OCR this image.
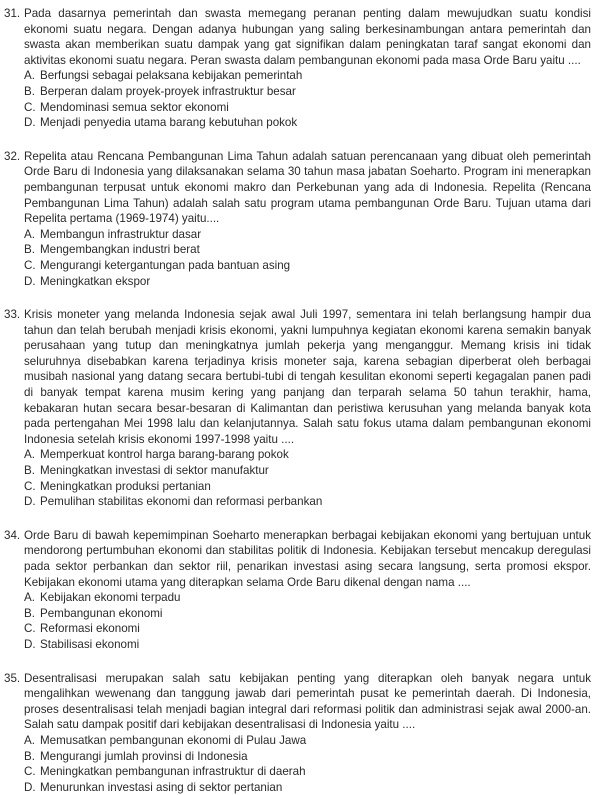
31. Pada dasarnya pemerintah dan swasta memegang peranan penting dalam mewujudkan suatu kondisi ekonomi suatu negara. Dengan adanya hubungan yang saling berkesinambungan antara pemerintah dan swasta akan memberikan suatu dampak yang gat signifikan dalam peningkatan taraf sangat ekonomi dan aktivitas ekonomi suatu negara. Peran swasta dalam pembangunan ekonomi pada masa Orde Baru yaitu ....

A. Berfungsi sebagai pelaksana kebijakan pemerintah
B. Berperan dalam proyek-proyek infrastruktur besar
C. Mendominasi semua sektor ekonomi
D. Menjadi penyedia utama barang kebutuhan pokok
32. Repelita atau Rencana Pembangunan Lima Tahun adalah satuan perencanaan yang dibuat oleh pemerintah Orde Baru di Indonesia yang dilaksanakan selama 30 tahun masa jabatan Soeharto. Program ini menerapkan pembangunan terpusat untuk ekonomi makro dan Perkebunan yang ada di Indonesia. Repelita (Rencana Pembangunan Lima Tahun) adalah salah satu program utama pembangunan Orde Baru. Tujuan utama dari Repelita pertama (1969-1974) yaitu....

A. Membangun infrastruktur dasar
B. Mengembangkan industri berat
C. Mengurangi ketergantungan pada bantuan asing
D. Meningkatkan ekspor
33. Krisis moneter yang melanda Indonesia sejak awal Juli 1997, sementara ini telah berlangsung hampir dua tahun dan telah berubah menjadi krisis ekonomi, yakni lumpuhnya kegiatan ekonomi karena semakin banyak perusahaan yang tutup dan meningkatnya jumlah pekerja yang menganggur. Memang krisis ini tidak seluruhnya disebabkan karena terjadinya krisis moneter saja, karena sebagian diperberat oleh berbagai musibah nasional yang datang secara bertubi-tubi di tengah kesulitan ekonomi seperti kegagalan panen padi di banyak tempat karena musim kering yang panjang dan terparah selama 50 tahun terakhir, hama, kebakaran hutan secara besar-besaran di Kalimantan dan peristiwa kerusuhan yang melanda banyak kota pada pertengahan Mei 1998 lalu dan kelanjutannya. Salah satu fokus utama dalam pembangunan ekonomi Indonesia setelah krisis ekonomi 1997-1998 yaitu ....

A. Memperkuat kontrol harga barang-barang pokok
B. Meningkatkan investasi di sektor manufaktur
C. Meningkatkan produksi pertanian
D. Pemulihan stabilitas ekonomi dan reformasi perbankan
34. Orde Baru di bawah kepemimpinan Soeharto menerapkan berbagai kebijakan ekonomi yang bertujuan untuk mendorong pertumbuhan ekonomi dan stabilitas politik di Indonesia. Kebijakan tersebut mencakup deregulasi pada sektor perbankan dan sektor riil, penarikan investasi asing secara langsung, serta promosi ekspor. Kebijakan ekonomi utama yang diterapkan selama Orde Baru dikenal dengan nama ....

A. Kebijakan ekonomi terpadu
B. Pembangunan ekonomi
C. Reformasi ekonomi
D. Stabilisasi ekonomi
35. Desentralisasi merupakan salah satu kebijakan penting yang diterapkan oleh banyak negara untuk mengalihkan wewenang dan tanggung jawab dari pemerintah pusat ke pemerintah daerah. Di Indonesia, proses desentralisasi telah menjadi bagian integral dari reformasi politik dan administrasi sejak awal 2000-an. Salah satu dampak positif dari kebijakan desentralisasi di Indonesia yaitu ....

A. Memusatkan pembangunan ekonomi di Pulau Jawa
B. Mengurangi jumlah provinsi di Indonesia
C. Meningkatkan pembangunan infrastruktur di daerah
D. Menurunkan investasi asing di sektor pertanian
